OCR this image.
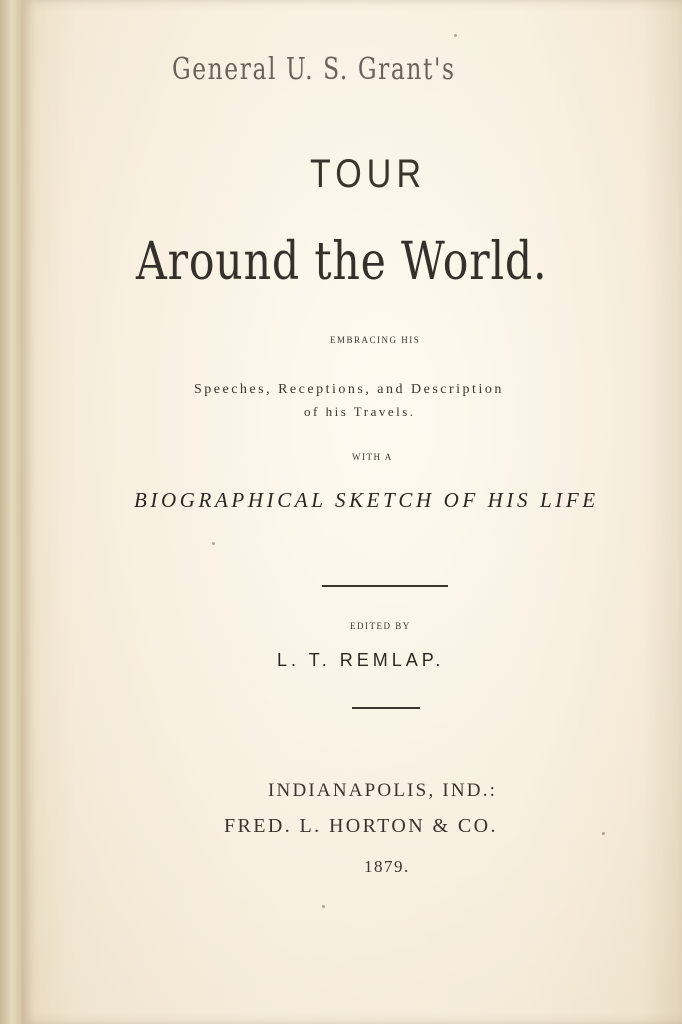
General U. S. Grant's
TOUR
Around the World.
EMBRACING HIS
Speeches, Receptions, and Description
of his Travels.
WITH A
BIOGRAPHICAL SKETCH OF HIS LIFE
EDITED BY
L. T. REMLAP.
INDIANAPOLIS, IND.:
FRED. L. HORTON & CO.
1879.
